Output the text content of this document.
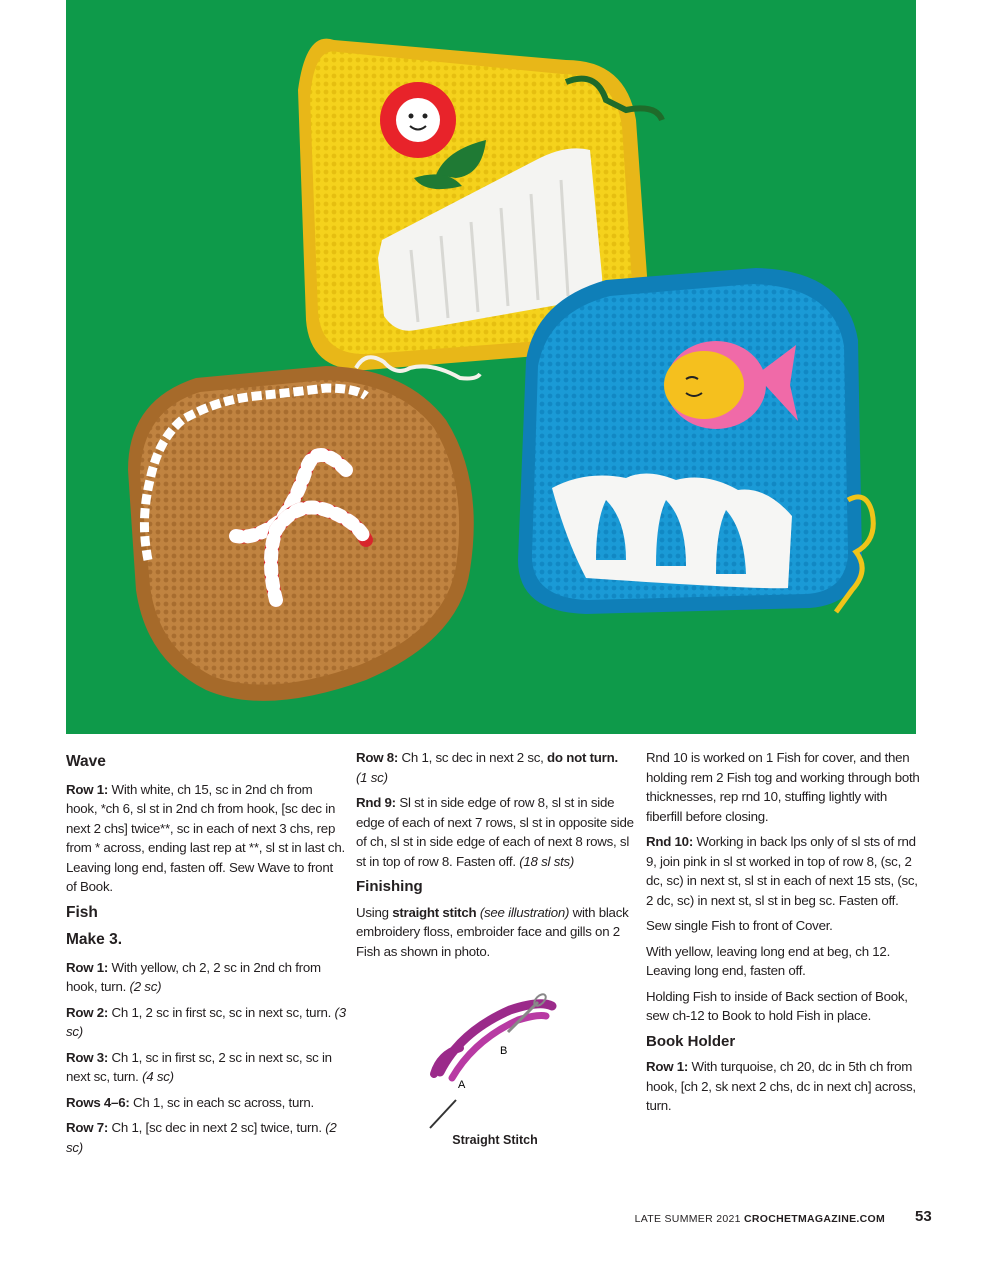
Wave

Row 1: With white, ch 15, sc in 2nd ch from hook, *ch 6, sl st in 2nd ch from hook, [sc dec in next 2 chs] twice**, sc in each of next 3 chs, rep from * across, ending last rep at **, sl st in last ch. Leaving long end, fasten off. Sew Wave to front of Book.

Fish
Make 3.

Row 1: With yellow, ch 2, 2 sc in 2nd ch from hook, turn. (2 sc)

Row 2: Ch 1, 2 sc in first sc, sc in next sc, turn. (3 sc)

Row 3: Ch 1, sc in first sc, 2 sc in next sc, sc in next sc, turn. (4 sc)

Rows 4–6: Ch 1, sc in each sc across, turn.

Row 7: Ch 1, [sc dec in next 2 sc] twice, turn. (2 sc)

Row 8: Ch 1, sc dec in next 2 sc, do not turn.
(1 sc)

Rnd 9: Sl st in side edge of row 8, sl st in side edge of each of next 7 rows, sl st in opposite side of ch, sl st in side edge of each of next 8 rows, sl st in top of row 8. Fasten off. (18 sl sts)

Finishing

Using straight stitch (see illustration) with black embroidery floss, embroider face and gills on 2 Fish as shown in photo.

A
B
Straight Stitch

Rnd 10 is worked on 1 Fish for cover, and then holding rem 2 Fish tog and working through both thicknesses, rep rnd 10, stuffing lightly with fiberfill before closing.

Rnd 10: Working in back lps only of sl sts of rnd 9, join pink in sl st worked in top of row 8, (sc, 2 dc, sc) in next st, sl st in each of next 15 sts, (sc, 2 dc, sc) in next st, sl st in beg sc. Fasten off.

Sew single Fish to front of Cover.

With yellow, leaving long end at beg, ch 12. Leaving long end, fasten off.

Holding Fish to inside of Back section of Book, sew ch-12 to Book to hold Fish in place.

Book Holder

Row 1: With turquoise, ch 20, dc in 5th ch from hook, [ch 2, sk next 2 chs, dc in next ch] across, turn.

LATE SUMMER 2021 CROCHETMAGAZINE.COM 53
